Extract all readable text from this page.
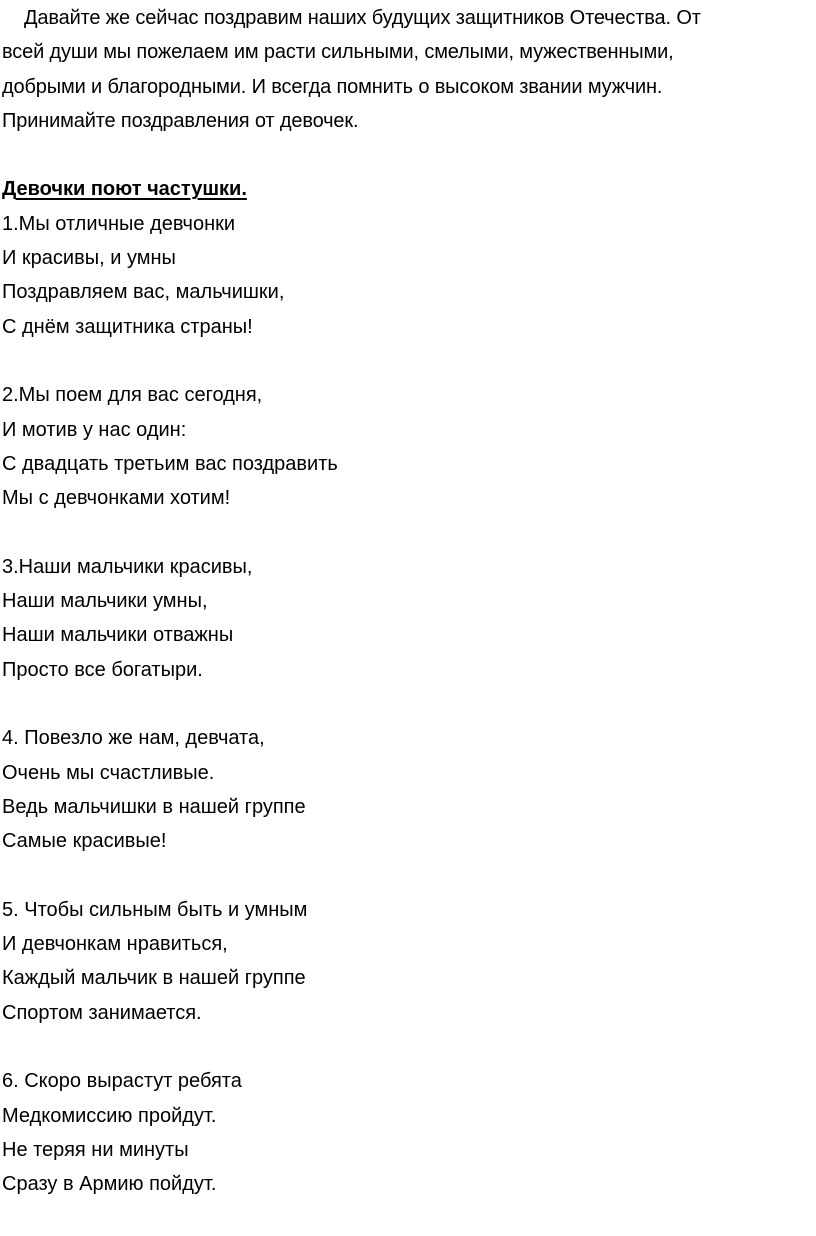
Давайте же сейчас поздравим наших будущих защитников Отечества. От
всей души мы пожелаем им расти сильными, смелыми, мужественными,
добрыми и благородными. И всегда помнить о высоком звании мужчин.
Принимайте поздравления от девочек.
Девочки поют частушки.
1.Мы отличные девчонки
И красивы, и умны
Поздравляем вас, мальчишки,
С днём защитника страны!
2.Мы поем для вас сегодня,
И мотив у нас один:
С двадцать третьим вас поздравить
Мы с девчонками хотим!
3.Наши мальчики красивы,
Наши мальчики умны,
Наши мальчики отважны
Просто все богатыри.
4. Повезло же нам, девчата,
Очень мы счастливые.
Ведь мальчишки в нашей группе
Самые красивые!
5. Чтобы сильным быть и умным
И девчонкам нравиться,
Каждый мальчик в нашей группе
Спортом занимается.
6. Скоро вырастут ребята
Медкомиссию пройдут.
Не теряя ни минуты
Сразу в Армию пойдут.
